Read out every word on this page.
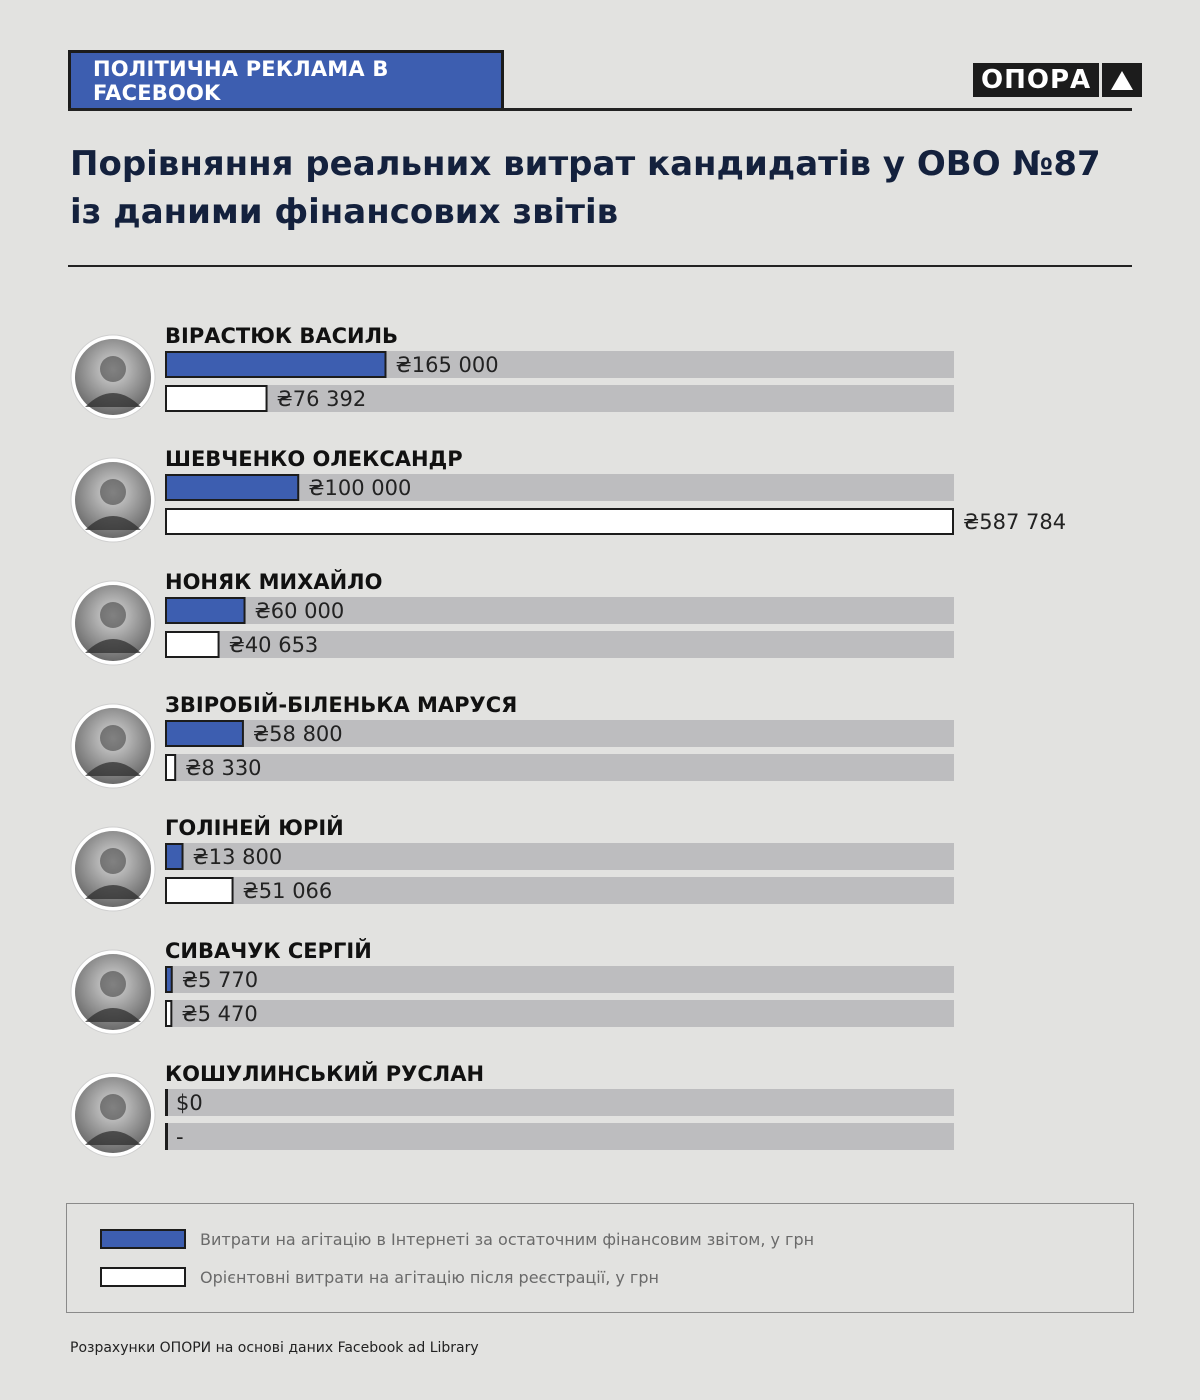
ПОЛІТИЧНА РЕКЛАМА В FACEBOOK	ОПОРА
Порівняння реальних витрат кандидатів у ОВО №87
із даними фінансових звітів
ВІРАСТЮК ВАСИЛЬ
₴165 000
₴76 392
ШЕВЧЕНКО ОЛЕКСАНДР
₴100 000
₴587 784
НОНЯК МИХАЙЛО
₴60 000
₴40 653
ЗВІРОБІЙ-БІЛЕНЬКА МАРУСЯ
₴58 800
₴8 330
ГОЛІНЕЙ ЮРІЙ
₴13 800
₴51 066
СИВАЧУК СЕРГІЙ
₴5 770
₴5 470
КОШУЛИНСЬКИЙ РУСЛАН
$0
-
Витрати на агітацію в Інтернеті за остаточним фінансовим звітом, у грн
Орієнтовні витрати на агітацію після реєстрації, у грн
Розрахунки ОПОРИ на основі даних Facebook ad Library
